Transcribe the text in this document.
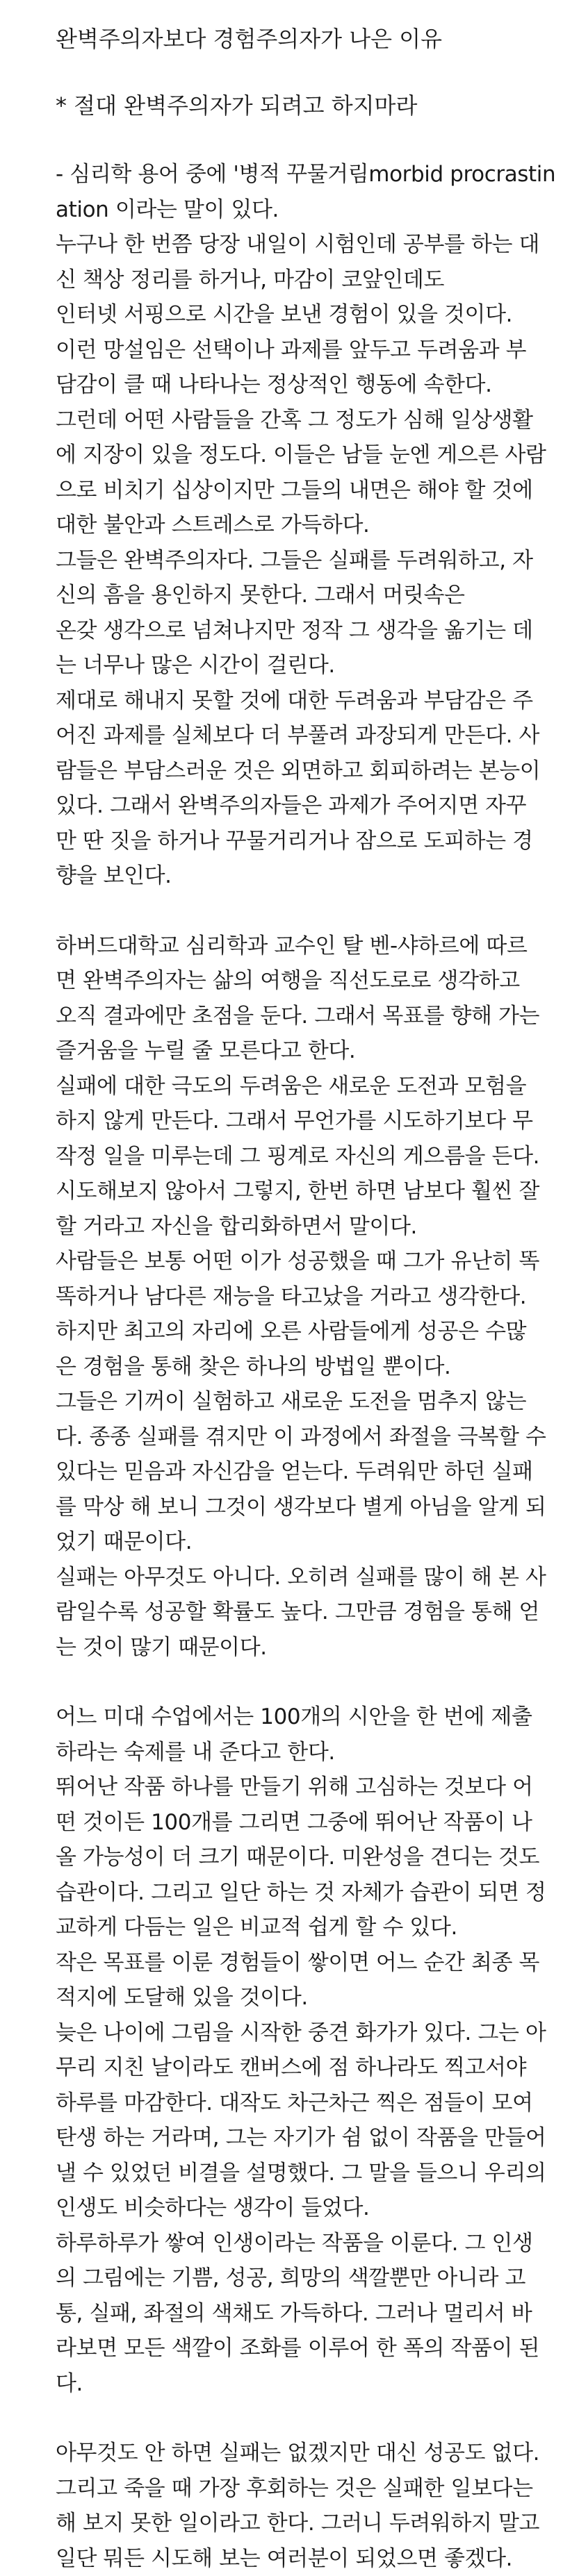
완벽주의자보다 경험주의자가 나은 이유
* 절대 완벽주의자가 되려고 하지마라
- 심리학 용어 중에 '병적 꾸물거림morbid procrastin
ation 이라는 말이 있다.
누구나 한 번쯤 당장 내일이 시험인데 공부를 하는 대
신 책상 정리를 하거나, 마감이 코앞인데도
인터넷 서핑으로 시간을 보낸 경험이 있을 것이다.
이런 망설임은 선택이나 과제를 앞두고 두려움과 부
담감이 클 때 나타나는 정상적인 행동에 속한다.
그런데 어떤 사람들을 간혹 그 정도가 심해 일상생활
에 지장이 있을 정도다. 이들은 남들 눈엔 게으른 사람
으로 비치기 십상이지만 그들의 내면은 해야 할 것에
대한 불안과 스트레스로 가득하다.
그들은 완벽주의자다. 그들은 실패를 두려워하고, 자
신의 흠을 용인하지 못한다. 그래서 머릿속은
온갖 생각으로 넘쳐나지만 정작 그 생각을 옮기는 데
는 너무나 많은 시간이 걸린다.
제대로 해내지 못할 것에 대한 두려움과 부담감은 주
어진 과제를 실체보다 더 부풀려 과장되게 만든다. 사
람들은 부담스러운 것은 외면하고 회피하려는 본능이
있다. 그래서 완벽주의자들은 과제가 주어지면 자꾸
만 딴 짓을 하거나 꾸물거리거나 잠으로 도피하는 경
향을 보인다.
하버드대학교 심리학과 교수인 탈 벤-샤하르에 따르
면 완벽주의자는 삶의 여행을 직선도로로 생각하고
오직 결과에만 초점을 둔다. 그래서 목표를 향해 가는
즐거움을 누릴 줄 모른다고 한다.
실패에 대한 극도의 두려움은 새로운 도전과 모험을
하지 않게 만든다. 그래서 무언가를 시도하기보다 무
작정 일을 미루는데 그 핑계로 자신의 게으름을 든다.
시도해보지 않아서 그렇지, 한번 하면 남보다 훨씬 잘
할 거라고 자신을 합리화하면서 말이다.
사람들은 보통 어떤 이가 성공했을 때 그가 유난히 똑
똑하거나 남다른 재능을 타고났을 거라고 생각한다.
하지만 최고의 자리에 오른 사람들에게 성공은 수많
은 경험을 통해 찾은 하나의 방법일 뿐이다.
그들은 기꺼이 실험하고 새로운 도전을 멈추지 않는
다. 종종 실패를 겪지만 이 과정에서 좌절을 극복할 수
있다는 믿음과 자신감을 얻는다. 두려워만 하던 실패
를 막상 해 보니 그것이 생각보다 별게 아님을 알게 되
었기 때문이다.
실패는 아무것도 아니다. 오히려 실패를 많이 해 본 사
람일수록 성공할 확률도 높다. 그만큼 경험을 통해 얻
는 것이 많기 때문이다.
어느 미대 수업에서는 100개의 시안을 한 번에 제출
하라는 숙제를 내 준다고 한다.
뛰어난 작품 하나를 만들기 위해 고심하는 것보다 어
떤 것이든 100개를 그리면 그중에 뛰어난 작품이 나
올 가능성이 더 크기 때문이다. 미완성을 견디는 것도
습관이다. 그리고 일단 하는 것 자체가 습관이 되면 정
교하게 다듬는 일은 비교적 쉽게 할 수 있다.
작은 목표를 이룬 경험들이 쌓이면 어느 순간 최종 목
적지에 도달해 있을 것이다.
늦은 나이에 그림을 시작한 중견 화가가 있다. 그는 아
무리 지친 날이라도 캔버스에 점 하나라도 찍고서야
하루를 마감한다. 대작도 차근차근 찍은 점들이 모여
탄생 하는 거라며, 그는 자기가 쉼 없이 작품을 만들어
낼 수 있었던 비결을 설명했다. 그 말을 들으니 우리의
인생도 비슷하다는 생각이 들었다.
하루하루가 쌓여 인생이라는 작품을 이룬다. 그 인생
의 그림에는 기쁨, 성공, 희망의 색깔뿐만 아니라 고
통, 실패, 좌절의 색채도 가득하다. 그러나 멀리서 바
라보면 모든 색깔이 조화를 이루어 한 폭의 작품이 된
다.
아무것도 안 하면 실패는 없겠지만 대신 성공도 없다.
그리고 죽을 때 가장 후회하는 것은 실패한 일보다는
해 보지 못한 일이라고 한다. 그러니 두려워하지 말고
일단 뭐든 시도해 보는 여러분이 되었으면 좋겠다.
